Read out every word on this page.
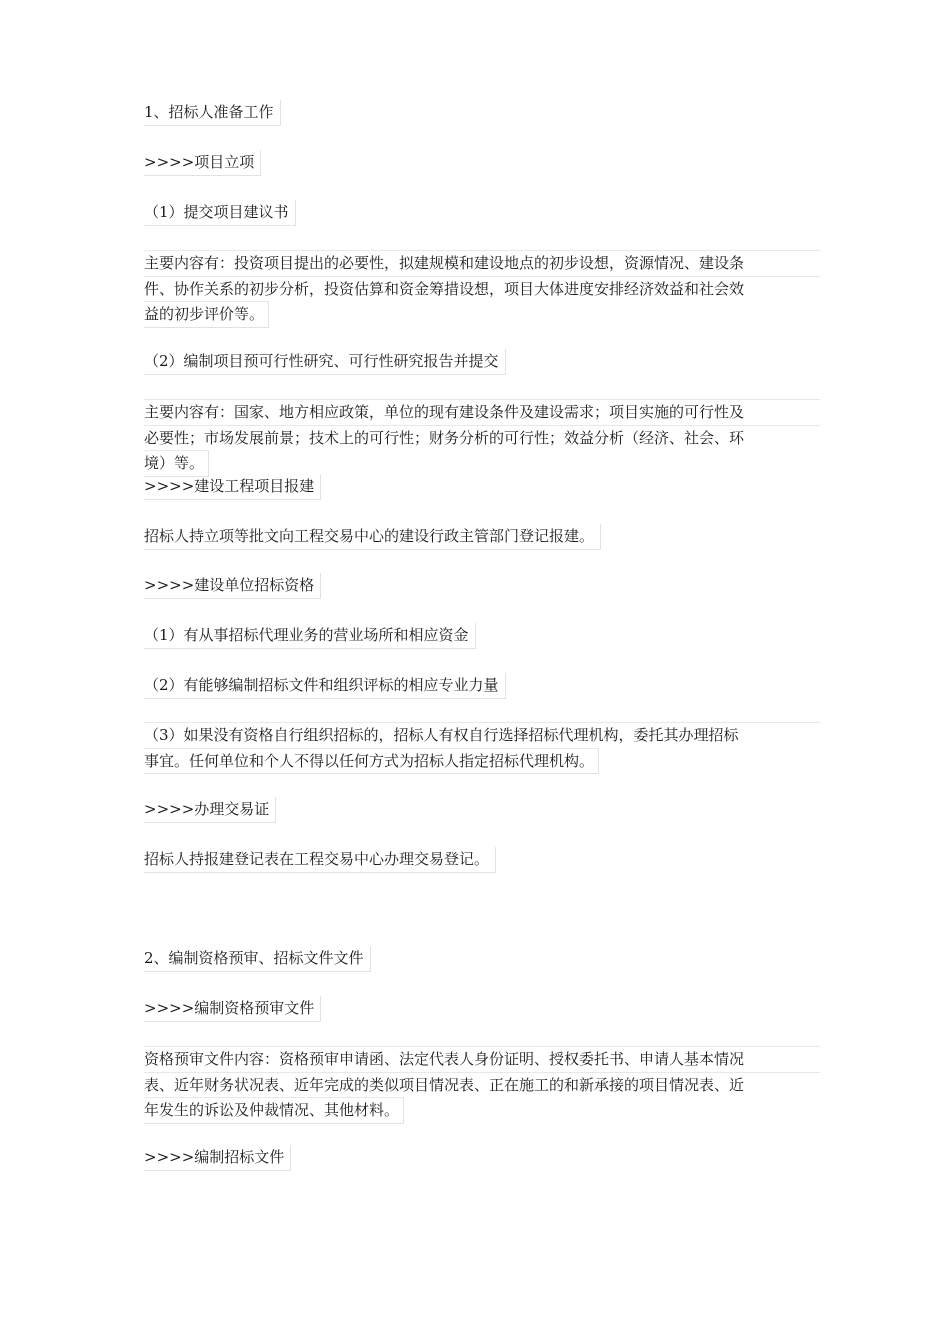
1、招标人准备工作
>>>>项目立项
（1）提交项目建议书
主要内容有：投资项目提出的必要性，拟建规模和建设地点的初步设想，资源情况、建设条
件、协作关系的初步分析，投资估算和资金筹措设想，项目大体进度安排经济效益和社会效
益的初步评价等。
（2）编制项目预可行性研究、可行性研究报告并提交
主要内容有：国家、地方相应政策，单位的现有建设条件及建设需求；项目实施的可行性及
必要性；市场发展前景；技术上的可行性；财务分析的可行性；效益分析（经济、社会、环
境）等。
>>>>建设工程项目报建
招标人持立项等批文向工程交易中心的建设行政主管部门登记报建。
>>>>建设单位招标资格
（1）有从事招标代理业务的营业场所和相应资金
（2）有能够编制招标文件和组织评标的相应专业力量
（3）如果没有资格自行组织招标的，招标人有权自行选择招标代理机构，委托其办理招标
事宜。任何单位和个人不得以任何方式为招标人指定招标代理机构。
>>>>办理交易证
招标人持报建登记表在工程交易中心办理交易登记。
2、编制资格预审、招标文件文件
>>>>编制资格预审文件
资格预审文件内容：资格预审申请函、法定代表人身份证明、授权委托书、申请人基本情况
表、近年财务状况表、近年完成的类似项目情况表、正在施工的和新承接的项目情况表、近
年发生的诉讼及仲裁情况、其他材料。
>>>>编制招标文件
